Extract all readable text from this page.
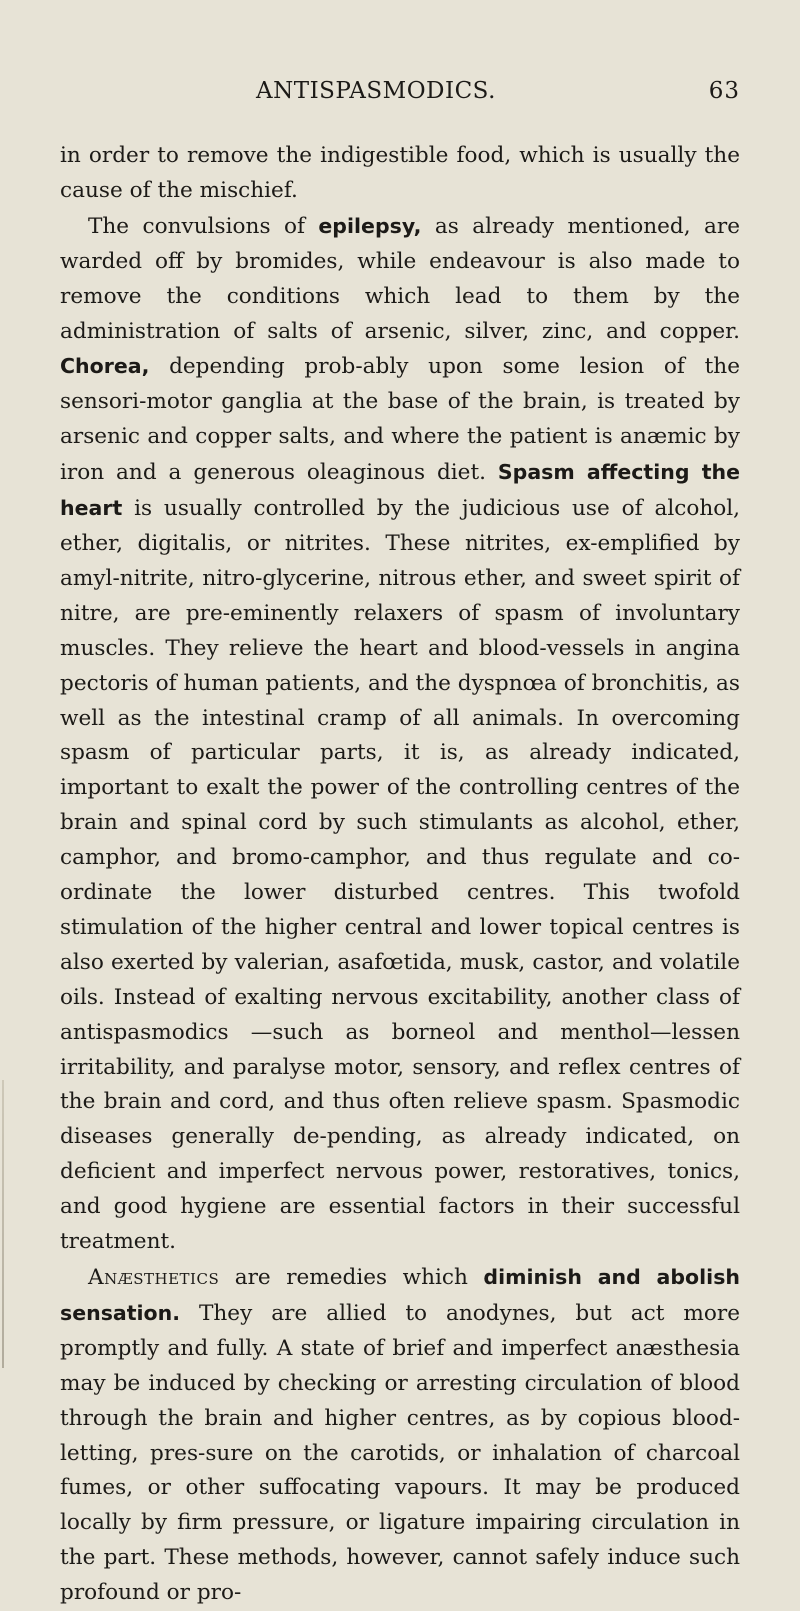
ANTISPASMODICS.	63

in order to remove the indigestible food, which is usually the cause of the mischief.

The convulsions of epilepsy, as already mentioned, are warded off by bromides, while endeavour is also made to remove the conditions which lead to them by the administration of salts of arsenic, silver, zinc, and copper. Chorea, depending prob-ably upon some lesion of the sensori-motor ganglia at the base of the brain, is treated by arsenic and copper salts, and where the patient is anæmic by iron and a generous oleaginous diet. Spasm affecting the heart is usually controlled by the judicious use of alcohol, ether, digitalis, or nitrites. These nitrites, ex-emplified by amyl-nitrite, nitro-glycerine, nitrous ether, and sweet spirit of nitre, are pre-eminently relaxers of spasm of involuntary muscles. They relieve the heart and blood-vessels in angina pectoris of human patients, and the dyspnœa of bronchitis, as well as the intestinal cramp of all animals. In overcoming spasm of particular parts, it is, as already indicated, important to exalt the power of the controlling centres of the brain and spinal cord by such stimulants as alcohol, ether, camphor, and bromo-camphor, and thus regulate and co-ordinate the lower disturbed centres. This twofold stimulation of the higher central and lower topical centres is also exerted by valerian, asafœtida, musk, castor, and volatile oils. Instead of exalting nervous excitability, another class of antispasmodics —such as borneol and menthol—lessen irritability, and paralyse motor, sensory, and reflex centres of the brain and cord, and thus often relieve spasm. Spasmodic diseases generally de-pending, as already indicated, on deficient and imperfect nervous power, restoratives, tonics, and good hygiene are essential factors in their successful treatment.

Anæsthetics are remedies which diminish and abolish sensation. They are allied to anodynes, but act more promptly and fully. A state of brief and imperfect anæsthesia may be induced by checking or arresting circulation of blood through the brain and higher centres, as by copious blood-letting, pres-sure on the carotids, or inhalation of charcoal fumes, or other suffocating vapours. It may be produced locally by firm pressure, or ligature impairing circulation in the part. These methods, however, cannot safely induce such profound or pro-
